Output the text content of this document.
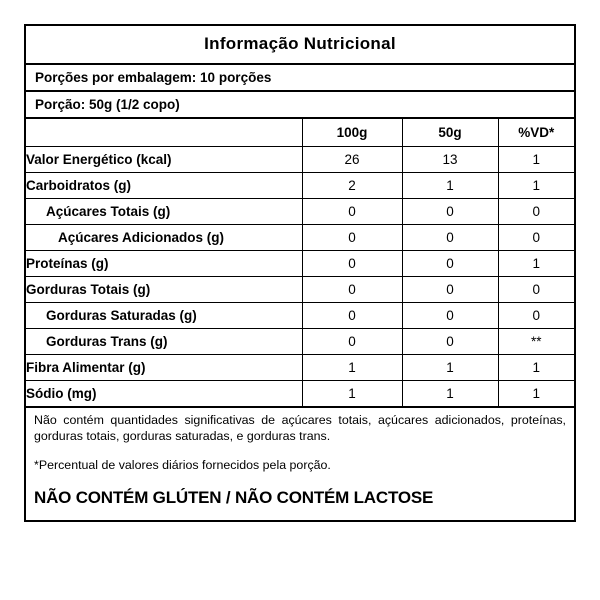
Informação Nutricional
Porções por embalagem: 10 porções
Porção: 50g (1/2 copo)
	100g	50g	%VD*
Valor Energético (kcal)	26	13	1
Carboidratos (g)	2	1	1
Açúcares Totais (g)	0	0	0
Açúcares Adicionados (g)	0	0	0
Proteínas (g)	0	0	1
Gorduras Totais (g)	0	0	0
Gorduras Saturadas (g)	0	0	0
Gorduras Trans (g)	0	0	**
Fibra Alimentar (g)	1	1	1
Sódio (mg)	1	1	1

Não contém quantidades significativas de açúcares totais, açúcares adicionados, proteínas, gorduras totais, gorduras saturadas, e gorduras trans.

*Percentual de valores diários fornecidos pela porção.

NÃO CONTÉM GLÚTEN / NÃO CONTÉM LACTOSE
